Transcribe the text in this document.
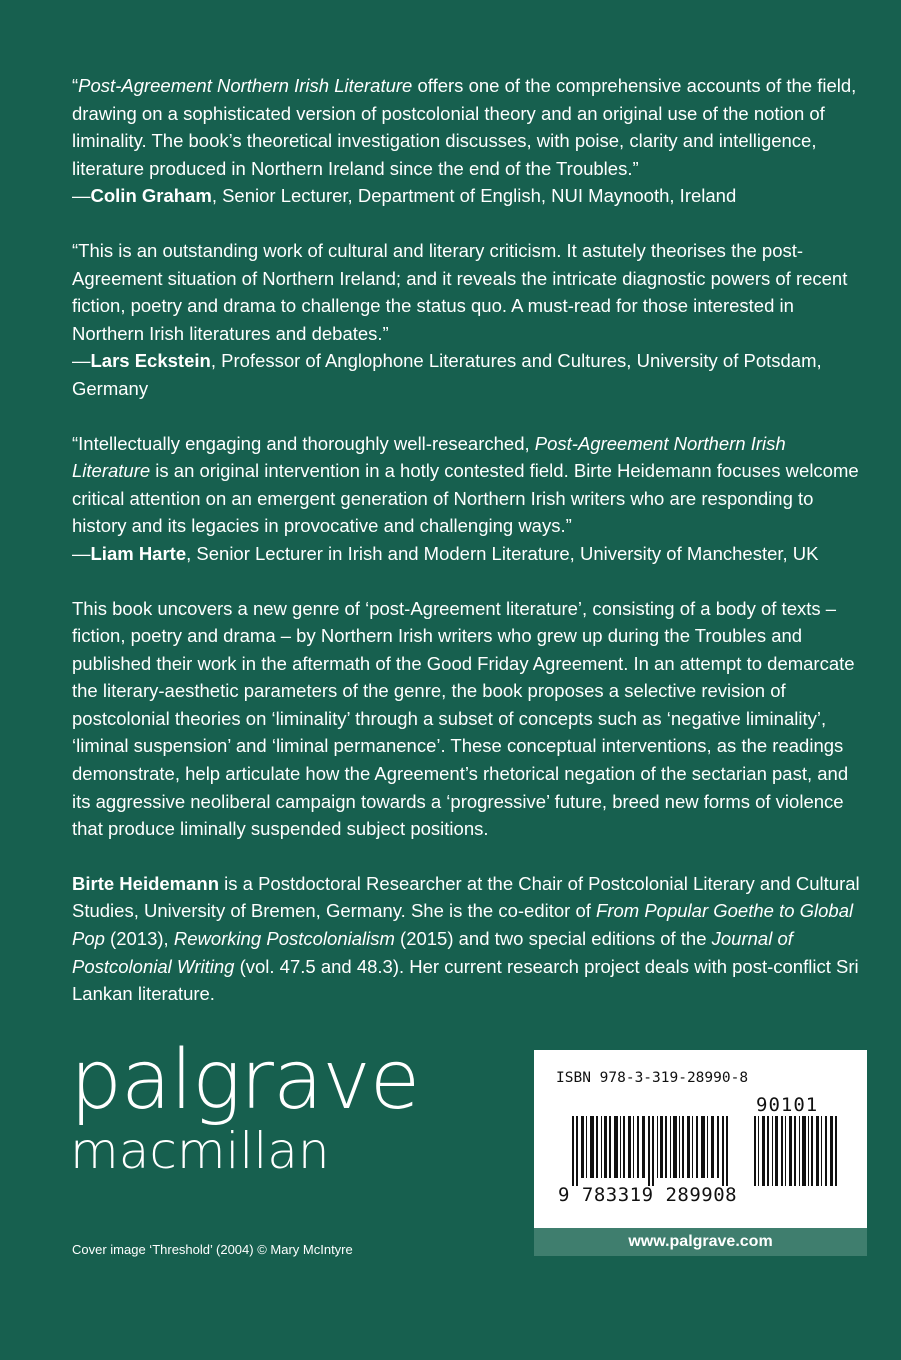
“Post-Agreement Northern Irish Literature offers one of the comprehensive accounts of the field, drawing on a sophisticated version of postcolonial theory and an original use of the notion of liminality. The book’s theoretical investigation discusses, with poise, clarity and intelligence, literature produced in Northern Ireland since the end of the Troubles.”

—Colin Graham, Senior Lecturer, Department of English, NUI Maynooth, Ireland

“This is an outstanding work of cultural and literary criticism. It astutely theorises the post-Agreement situation of Northern Ireland; and it reveals the intricate diagnostic powers of recent fiction, poetry and drama to challenge the status quo. A must-read for those interested in Northern Irish literatures and debates.”

—Lars Eckstein, Professor of Anglophone Literatures and Cultures, University of Potsdam, Germany

“Intellectually engaging and thoroughly well-researched, Post-Agreement Northern Irish Literature is an original intervention in a hotly contested field. Birte Heidemann focuses welcome critical attention on an emergent generation of Northern Irish writers who are responding to history and its legacies in provocative and challenging ways.”

—Liam Harte, Senior Lecturer in Irish and Modern Literature, University of Manchester, UK

This book uncovers a new genre of ‘post-Agreement literature’, consisting of a body of texts – fiction, poetry and drama – by Northern Irish writers who grew up during the Troubles and published their work in the aftermath of the Good Friday Agreement. In an attempt to demarcate the literary-aesthetic parameters of the genre, the book proposes a selective revision of postcolonial theories on ‘liminality’ through a subset of concepts such as ‘negative liminality’, ‘liminal suspension’ and ‘liminal permanence’. These conceptual interventions, as the readings demonstrate, help articulate how the Agreement’s rhetorical negation of the sectarian past, and its aggressive neoliberal campaign towards a ‘progressive’ future, breed new forms of violence that produce liminally suspended subject positions.

Birte Heidemann is a Postdoctoral Researcher at the Chair of Postcolonial Literary and Cultural Studies, University of Bremen, Germany. She is the co-editor of From Popular Goethe to Global Pop (2013), Reworking Postcolonialism (2015) and two special editions of the Journal of Postcolonial Writing (vol. 47.5 and 48.3). Her current research project deals with post-conflict Sri Lankan literature.

palgrave
macmillan
Cover image ‘Threshold’ (2004) © Mary McIntyre
ISBN 978-3-319-28990-8
90101
9 783319 289908
www.palgrave.com
